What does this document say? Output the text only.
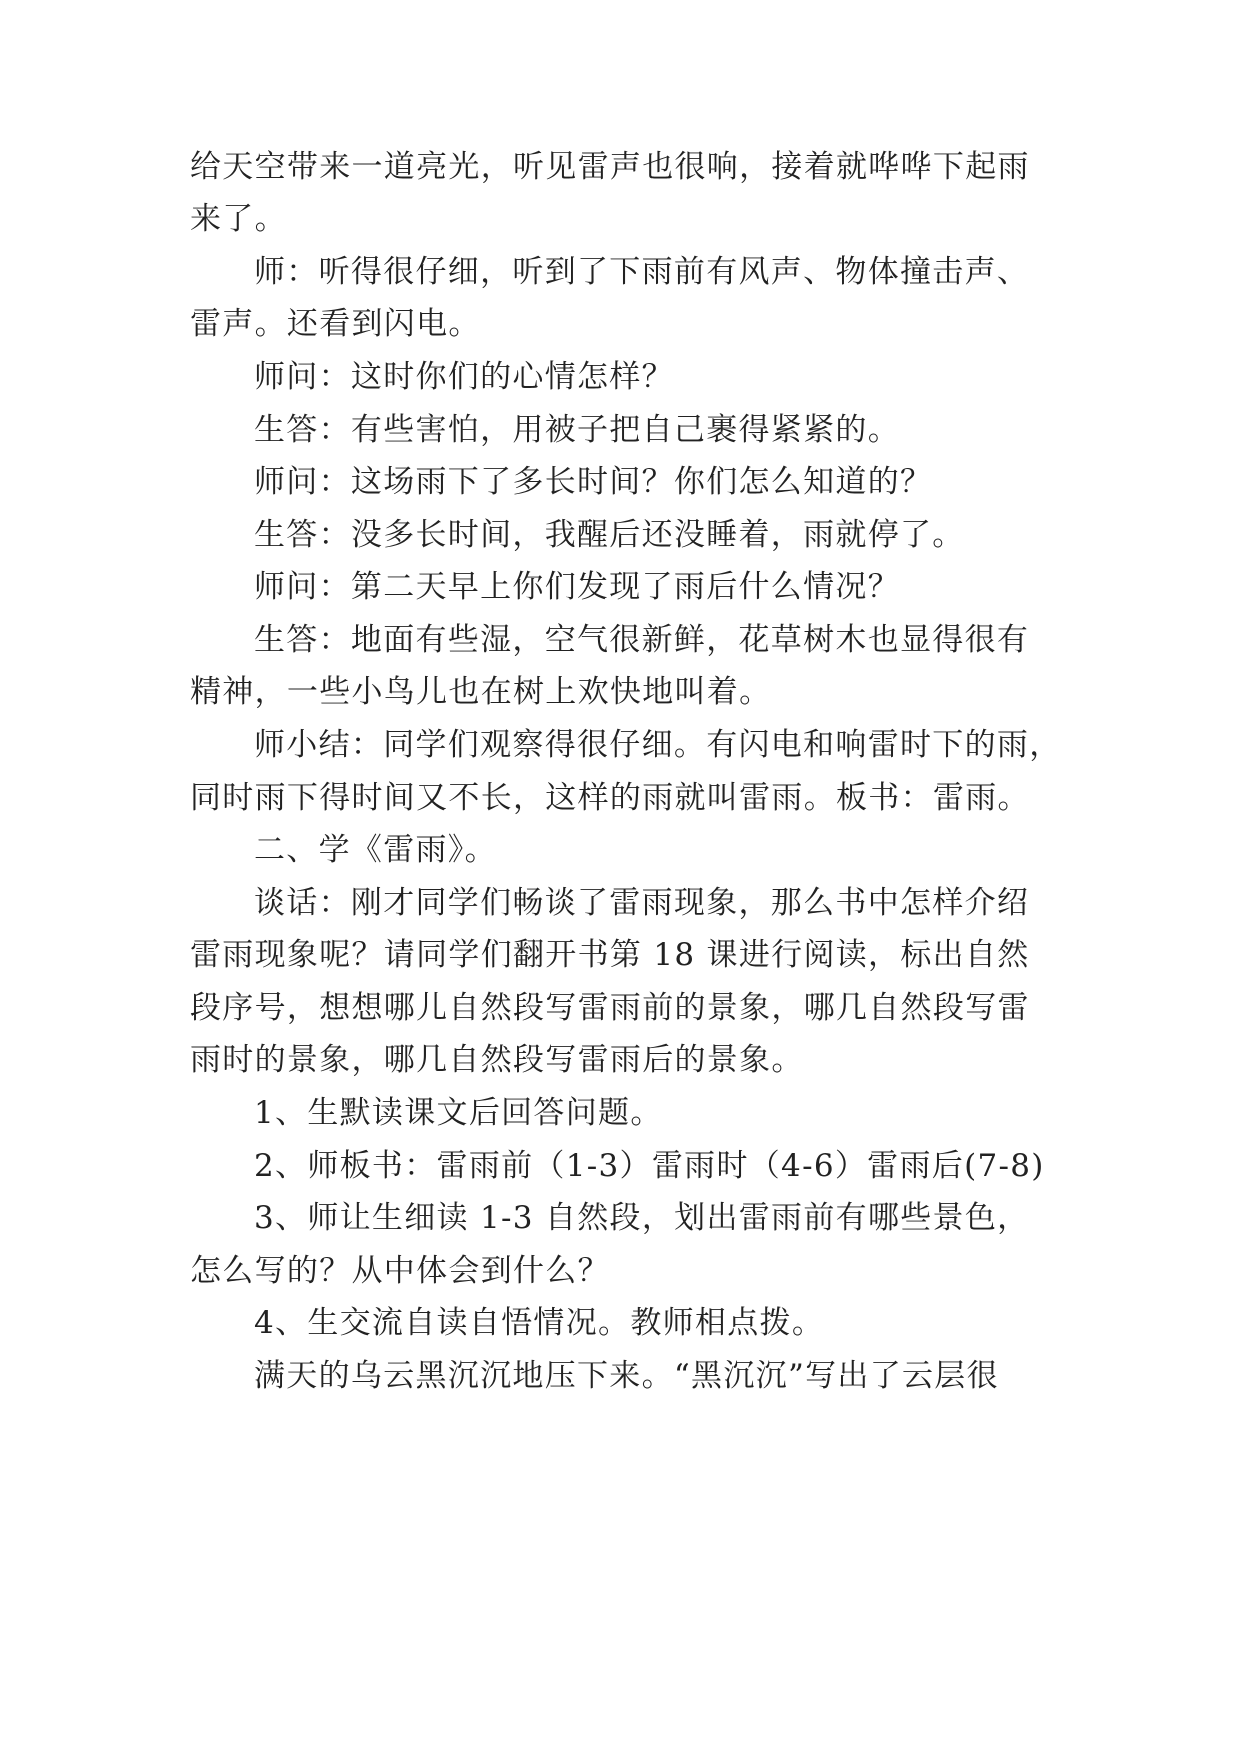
给天空带来一道亮光，听见雷声也很响，接着就哗哗下起雨
来了。
师：听得很仔细，听到了下雨前有风声、物体撞击声、
雷声。还看到闪电。
师问：这时你们的心情怎样？
生答：有些害怕，用被子把自己裹得紧紧的。
师问：这场雨下了多长时间？你们怎么知道的？
生答：没多长时间，我醒后还没睡着，雨就停了。
师问：第二天早上你们发现了雨后什么情况？
生答：地面有些湿，空气很新鲜，花草树木也显得很有
精神，一些小鸟儿也在树上欢快地叫着。
师小结：同学们观察得很仔细。有闪电和响雷时下的雨，
同时雨下得时间又不长，这样的雨就叫雷雨。板书：雷雨。
二、学《雷雨》。
谈话：刚才同学们畅谈了雷雨现象，那么书中怎样介绍
雷雨现象呢？请同学们翻开书第 18 课进行阅读，标出自然
段序号，想想哪儿自然段写雷雨前的景象，哪几自然段写雷
雨时的景象，哪几自然段写雷雨后的景象。
1、生默读课文后回答问题。
2、师板书：雷雨前（1-3）雷雨时（4-6）雷雨后(7-8)
3、师让生细读 1-3 自然段，划出雷雨前有哪些景色，
怎么写的？从中体会到什么？
4、生交流自读自悟情况。教师相点拨。
满天的乌云黑沉沉地压下来。“黑沉沉”写出了云层很
